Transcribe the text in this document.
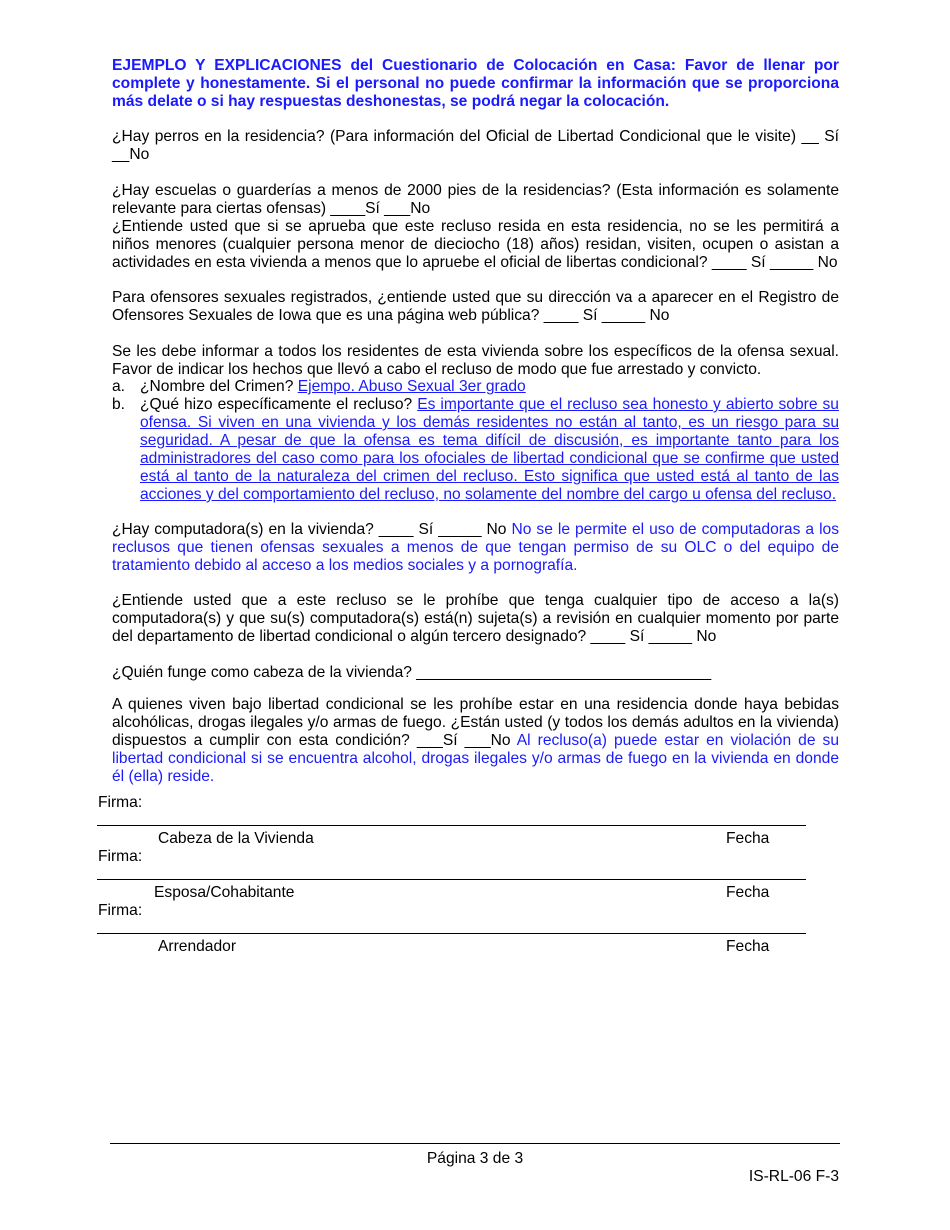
EJEMPLO Y EXPLICACIONES del Cuestionario de Colocación en Casa: Favor de llenar por complete y honestamente. Si el personal no puede confirmar la información que se proporciona más delate o si hay respuestas deshonestas, se podrá negar la colocación.
¿Hay perros en la residencia? (Para información del Oficial de Libertad Condicional que le visite) __ Sí __No
¿Hay escuelas o guarderías a menos de 2000 pies de la residencias? (Esta información es solamente relevante para ciertas ofensas) ____Sí ___No
¿Entiende usted que si se aprueba que este recluso resida en esta residencia, no se les permitirá a niños menores (cualquier persona menor de dieciocho (18) años) residan, visiten, ocupen o asistan a actividades en esta vivienda a menos que lo apruebe el oficial de libertas condicional? ____ Sí _____ No
Para ofensores sexuales registrados, ¿entiende usted que su dirección va a aparecer en el Registro de Ofensores Sexuales de Iowa que es una página web pública? ____ Sí _____ No
Se les debe informar a todos los residentes de esta vivienda sobre los específicos de la ofensa sexual. Favor de indicar los hechos que llevó a cabo el recluso de modo que fue arrestado y convicto.
a. ¿Nombre del Crimen? Ejempo. Abuso Sexual 3er grado
b. ¿Qué hizo específicamente el recluso? Es importante que el recluso sea honesto y abierto sobre su ofensa. Si viven en una vivienda y los demás residentes no están al tanto, es un riesgo para su seguridad. A pesar de que la ofensa es tema difícil de discusión, es importante tanto para los administradores del caso como para los ofociales de libertad condicional que se confirme que usted está al tanto de la naturaleza del crimen del recluso. Esto significa que usted está al tanto de las acciones y del comportamiento del recluso, no solamente del nombre del cargo u ofensa del recluso.
¿Hay computadora(s) en la vivienda? ____ Sí _____ No No se le permite el uso de computadoras a los reclusos que tienen ofensas sexuales a menos de que tengan permiso de su OLC o del equipo de tratamiento debido al acceso a los medios sociales y a pornografía.
¿Entiende usted que a este recluso se le prohíbe que tenga cualquier tipo de acceso a la(s) computadora(s) y que su(s) computadora(s) está(n) sujeta(s) a revisión en cualquier momento por parte del departamento de libertad condicional o algún tercero designado? ____ Sí _____ No
¿Quién funge como cabeza de la vivienda? __________________________________
A quienes viven bajo libertad condicional se les prohíbe estar en una residencia donde haya bebidas alcohólicas, drogas ilegales y/o armas de fuego. ¿Están usted (y todos los demás adultos en la vivienda) dispuestos a cumplir con esta condición? ___Sí ___No Al recluso(a) puede estar en violación de su libertad condicional si se encuentra alcohol, drogas ilegales y/o armas de fuego en la vivienda en donde él (ella) reside.
Firma:
Cabeza de la Vivienda	Fecha
Firma:
Esposa/Cohabitante	Fecha
Firma:
Arrendador	Fecha
Página 3 de 3
IS-RL-06 F-3
